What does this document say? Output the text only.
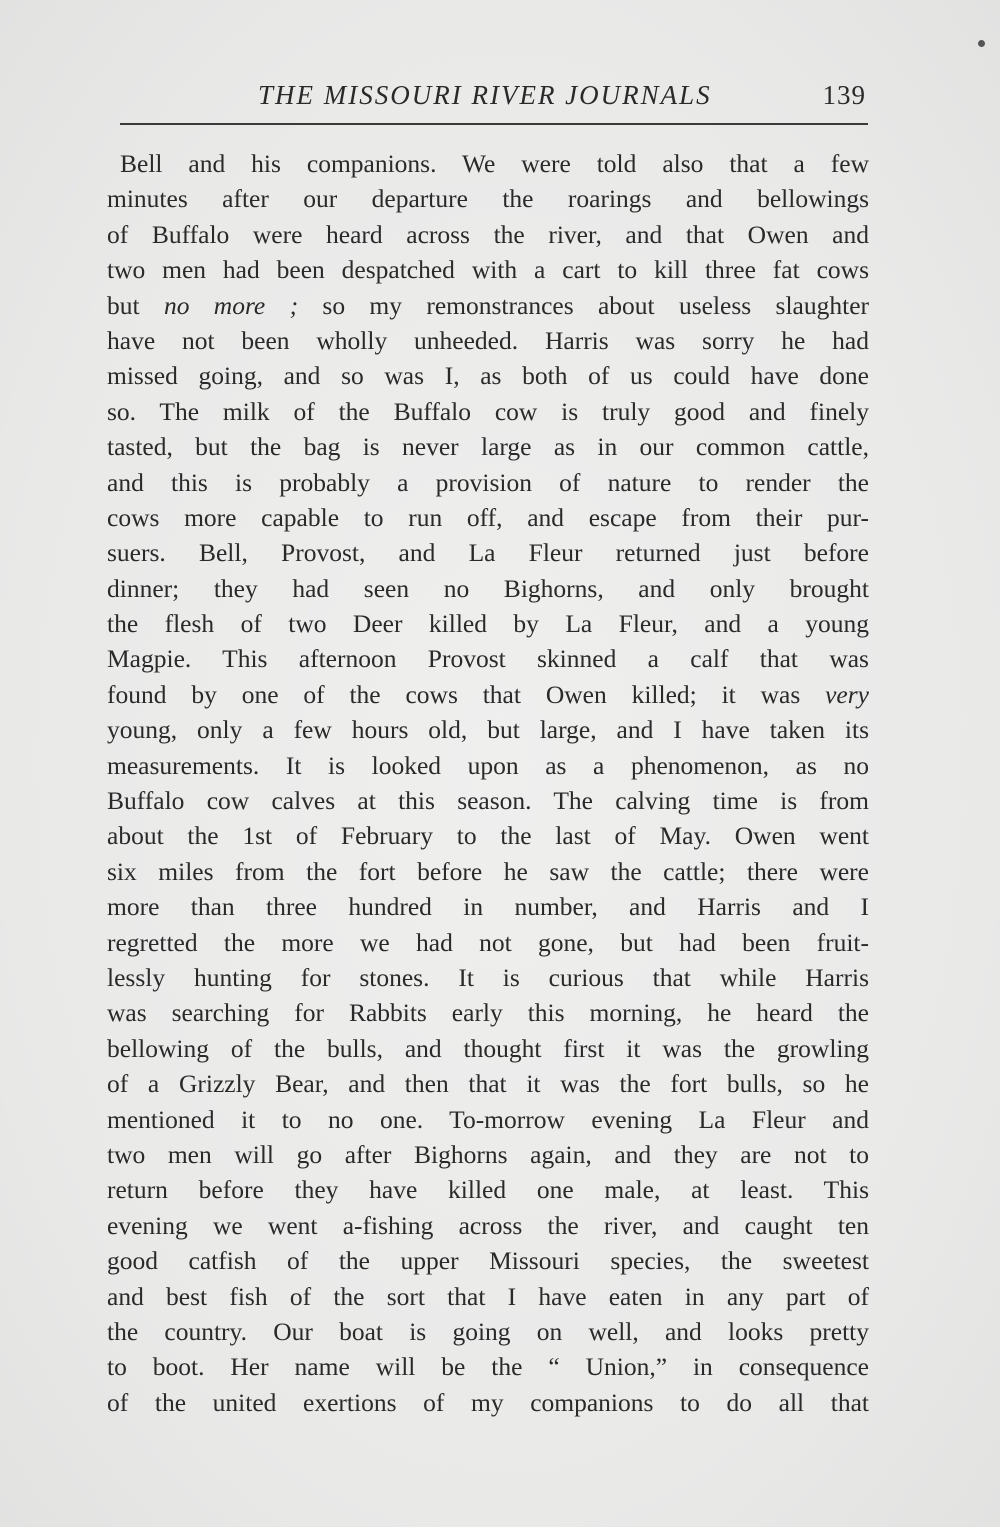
THE MISSOURI RIVER JOURNALS	139
Bell and his companions. We were told also that a few
minutes after our departure the roarings and bellowings
of Buffalo were heard across the river, and that Owen and
two men had been despatched with a cart to kill three fat cows
but no more ; so my remonstrances about useless slaughter
have not been wholly unheeded. Harris was sorry he had
missed going, and so was I, as both of us could have done
so. The milk of the Buffalo cow is truly good and finely
tasted, but the bag is never large as in our common cattle,
and this is probably a provision of nature to render the
cows more capable to run off, and escape from their pur-
suers. Bell, Provost, and La Fleur returned just before
dinner; they had seen no Bighorns, and only brought
the flesh of two Deer killed by La Fleur, and a young
Magpie. This afternoon Provost skinned a calf that was
found by one of the cows that Owen killed; it was very
young, only a few hours old, but large, and I have taken its
measurements. It is looked upon as a phenomenon, as no
Buffalo cow calves at this season. The calving time is from
about the 1st of February to the last of May. Owen went
six miles from the fort before he saw the cattle; there were
more than three hundred in number, and Harris and I
regretted the more we had not gone, but had been fruit-
lessly hunting for stones. It is curious that while Harris
was searching for Rabbits early this morning, he heard the
bellowing of the bulls, and thought first it was the growling
of a Grizzly Bear, and then that it was the fort bulls, so he
mentioned it to no one. To-morrow evening La Fleur and
two men will go after Bighorns again, and they are not to
return before they have killed one male, at least. This
evening we went a-fishing across the river, and caught ten
good catfish of the upper Missouri species, the sweetest
and best fish of the sort that I have eaten in any part of
the country. Our boat is going on well, and looks pretty
to boot. Her name will be the “ Union,” in consequence
of the united exertions of my companions to do all that
